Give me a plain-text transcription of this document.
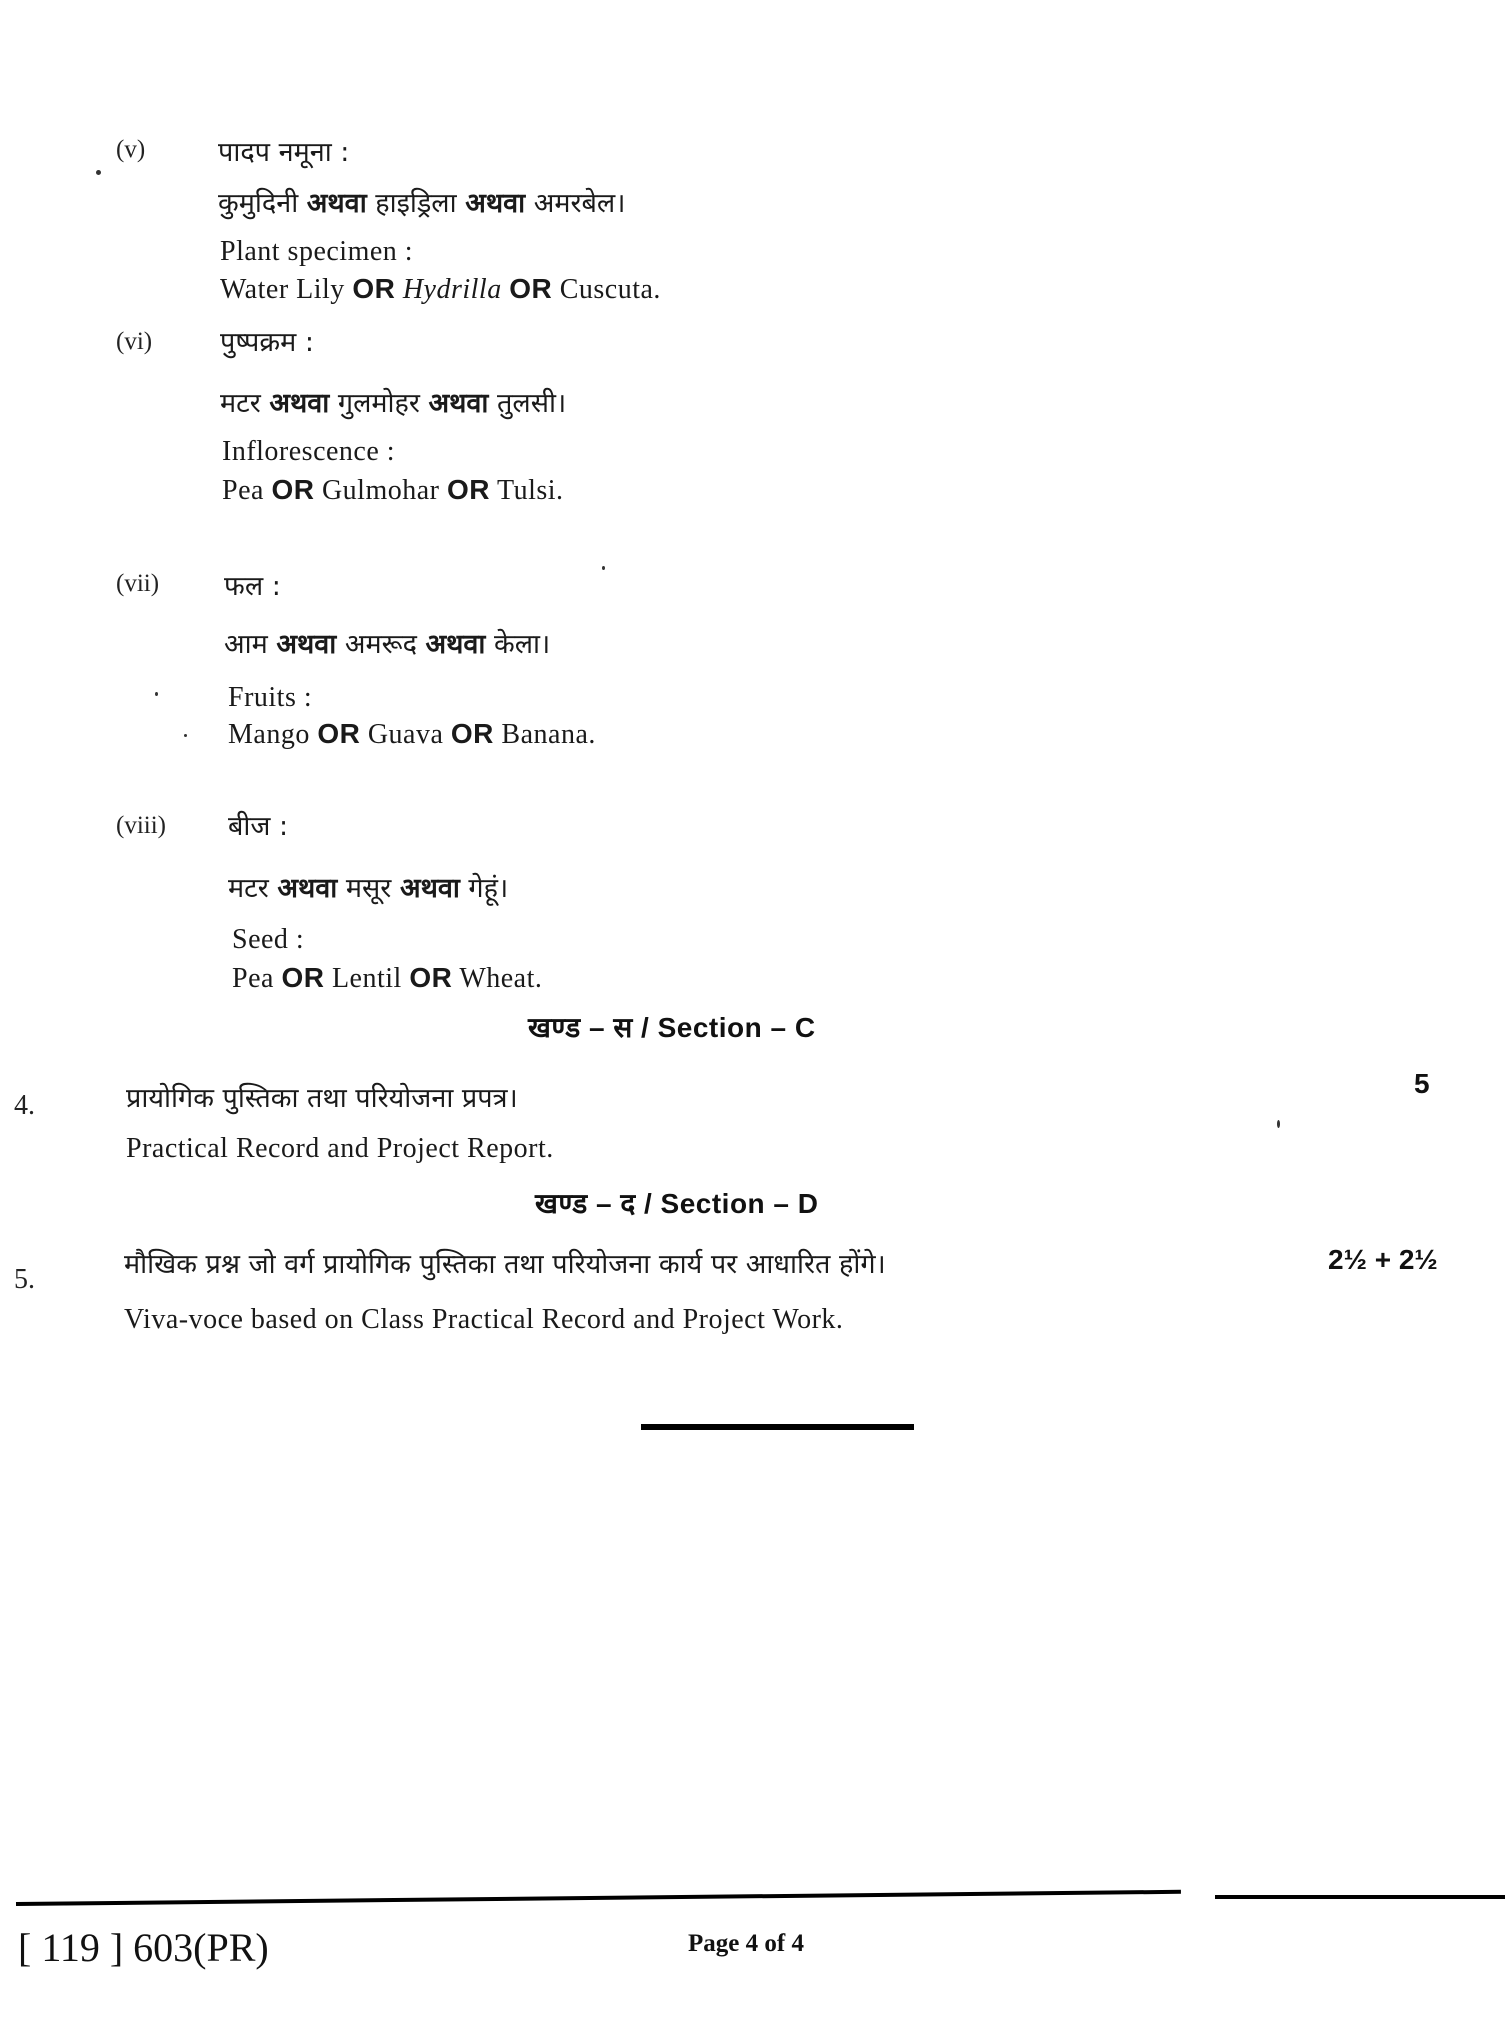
(v)	पादप नमूना :
कुमुदिनी अथवा हाइड्रिला अथवा अमरबेल।
Plant specimen :
Water Lily OR Hydrilla OR Cuscuta.
(vi)	पुष्पक्रम :
मटर अथवा गुलमोहर अथवा तुलसी।
Inflorescence :
Pea OR Gulmohar OR Tulsi.
(vii) फल :
आम अथवा अमरूद अथवा केला।
Fruits :
Mango OR Guava OR Banana.
(viii) बीज :
मटर अथवा मसूर अथवा गेहूं।
Seed :
Pea OR Lentil OR Wheat.
खण्ड – स / Section – C
4.	प्रायोगिक पुस्तिका तथा परियोजना प्रपत्र।	5
Practical Record and Project Report.
खण्ड – द / Section – D
5.	मौखिक प्रश्न जो वर्ग प्रायोगिक पुस्तिका तथा परियोजना कार्य पर आधारित होंगे।	2½ + 2½
Viva-voce based on Class Practical Record and Project Work.
[ 119 ] 603(PR)	Page 4 of 4
